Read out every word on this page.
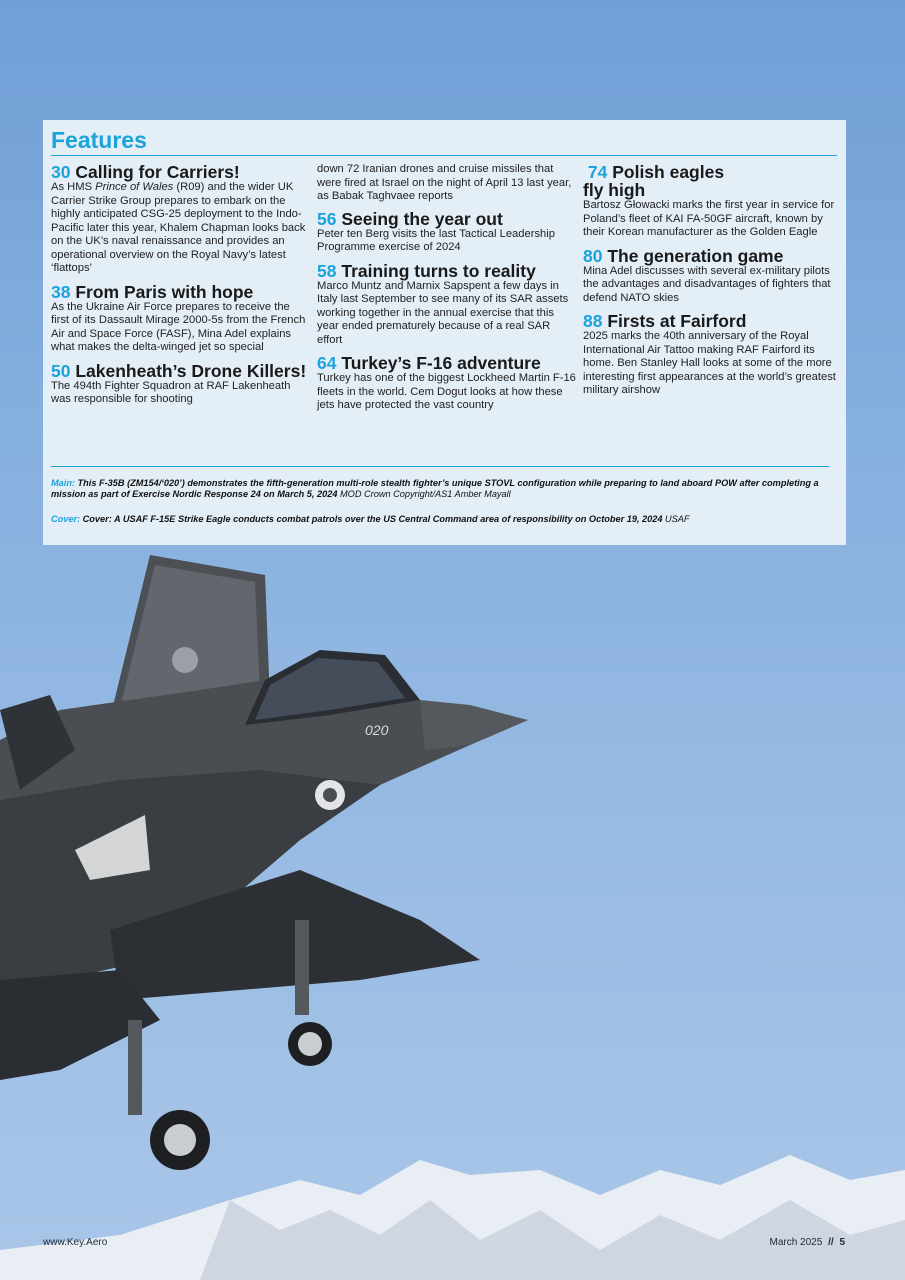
020
Features
30 Calling for Carriers!

As HMS Prince of Wales (R09) and the wider UK Carrier Strike Group prepares to embark on the highly anticipated CSG-25 deployment to the Indo-Pacific later this year, Khalem Chapman looks back on the UK’s naval renaissance and provides an operational overview on the Royal Navy’s latest ‘flattops’

38 From Paris with hope

As the Ukraine Air Force prepares to receive the first of its Dassault Mirage 2000-5s from the French Air and Space Force (FASF), Mina Adel explains what makes the delta-winged jet so special

50 Lakenheath’s Drone Killers!

The 494th Fighter Squadron at RAF Lakenheath was responsible for shooting

down 72 Iranian drones and cruise missiles that were fired at Israel on the night of April 13 last year, as Babak Taghvaee reports

56 Seeing the year out

Peter ten Berg visits the last Tactical Leadership Programme exercise of 2024

58 Training turns to reality

Marco Muntz and Marnix Sapspent a few days in Italy last September to see many of its SAR assets working together in the annual exercise that this year ended prematurely because of a real SAR effort

64 Turkey’s F-16 adventure

Turkey has one of the biggest Lockheed Martin F-16 fleets in the world. Cem Dogut looks at how these jets have protected the vast country

74 Polish eagles
fly high

Bartosz Głowacki marks the first year in service for Poland’s fleet of KAI FA-50GF aircraft, known by their Korean manufacturer as the Golden Eagle

80 The generation game

Mina Adel discusses with several ex-military pilots the advantages and disadvantages of fighters that defend NATO skies

88 Firsts at Fairford

2025 marks the 40th anniversary of the Royal International Air Tattoo making RAF Fairford its home. Ben Stanley Hall looks at some of the more interesting first appearances at the world’s greatest military airshow

Main: This F-35B (ZM154/‘020’) demonstrates the fifth-generation multi-role stealth fighter’s unique STOVL configuration while preparing to land aboard POW after completing a mission as part of Exercise Nordic Response 24 on March 5, 2024 MOD Crown Copyright/AS1 Amber Mayall

Cover: Cover: A USAF F-15E Strike Eagle conducts combat patrols over the US Central Command area of responsibility on October 19, 2024 USAF

www.Key.Aero	March 2025 // 5
